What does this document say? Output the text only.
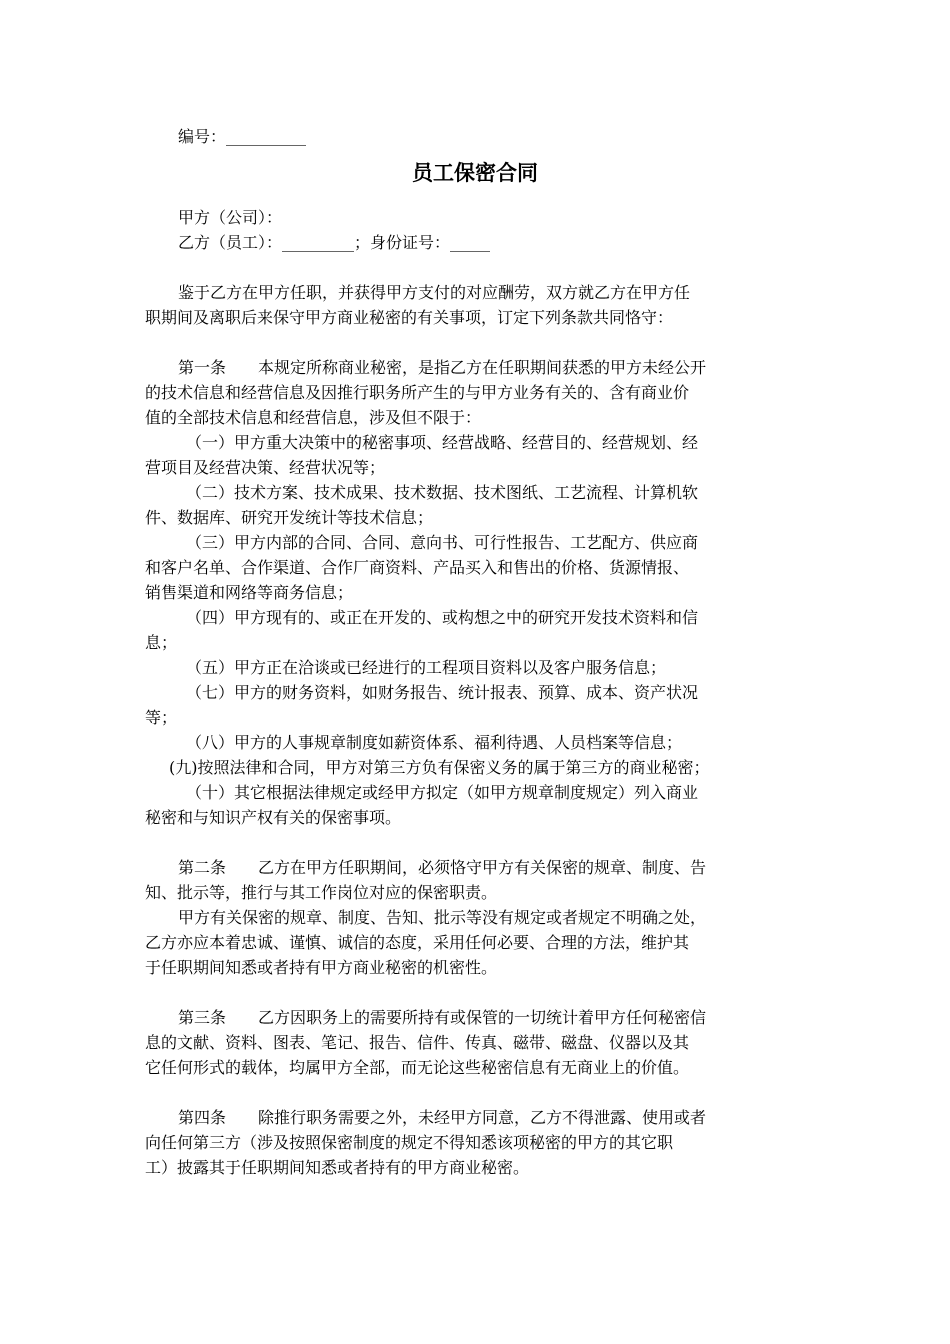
编号：__________
员工保密合同
甲方（公司）：
乙方（员工）：_________；身份证号：_____
鉴于乙方在甲方任职，并获得甲方支付的对应酬劳，双方就乙方在甲方任
职期间及离职后来保守甲方商业秘密的有关事项，订定下列条款共同恪守：
第一条　　本规定所称商业秘密，是指乙方在任职期间获悉的甲方未经公开
的技术信息和经营信息及因推行职务所产生的与甲方业务有关的、含有商业价
值的全部技术信息和经营信息，涉及但不限于：
（一）甲方重大决策中的秘密事项、经营战略、经营目的、经营规划、经
营项目及经营决策、经营状况等；
（二）技术方案、技术成果、技术数据、技术图纸、工艺流程、计算机软
件、数据库、研究开发统计等技术信息；
（三）甲方内部的合同、合同、意向书、可行性报告、工艺配方、供应商
和客户名单、合作渠道、合作厂商资料、产品买入和售出的价格、货源情报、
销售渠道和网络等商务信息；
（四）甲方现有的、或正在开发的、或构想之中的研究开发技术资料和信
息；
（五）甲方正在洽谈或已经进行的工程项目资料以及客户服务信息；
（七）甲方的财务资料，如财务报告、统计报表、预算、成本、资产状况
等；
（八）甲方的人事规章制度如薪资体系、福利待遇、人员档案等信息；
(九)按照法律和合同，甲方对第三方负有保密义务的属于第三方的商业秘密；
（十）其它根据法律规定或经甲方拟定（如甲方规章制度规定）列入商业
秘密和与知识产权有关的保密事项。
第二条　　乙方在甲方任职期间，必须恪守甲方有关保密的规章、制度、告
知、批示等，推行与其工作岗位对应的保密职责。
甲方有关保密的规章、制度、告知、批示等没有规定或者规定不明确之处，
乙方亦应本着忠诚、谨慎、诚信的态度，采用任何必要、合理的方法，维护其
于任职期间知悉或者持有甲方商业秘密的机密性。
第三条　　乙方因职务上的需要所持有或保管的一切统计着甲方任何秘密信
息的文献、资料、图表、笔记、报告、信件、传真、磁带、磁盘、仪器以及其
它任何形式的载体，均属甲方全部，而无论这些秘密信息有无商业上的价值。
第四条　　除推行职务需要之外，未经甲方同意，乙方不得泄露、使用或者
向任何第三方（涉及按照保密制度的规定不得知悉该项秘密的甲方的其它职
工）披露其于任职期间知悉或者持有的甲方商业秘密。
